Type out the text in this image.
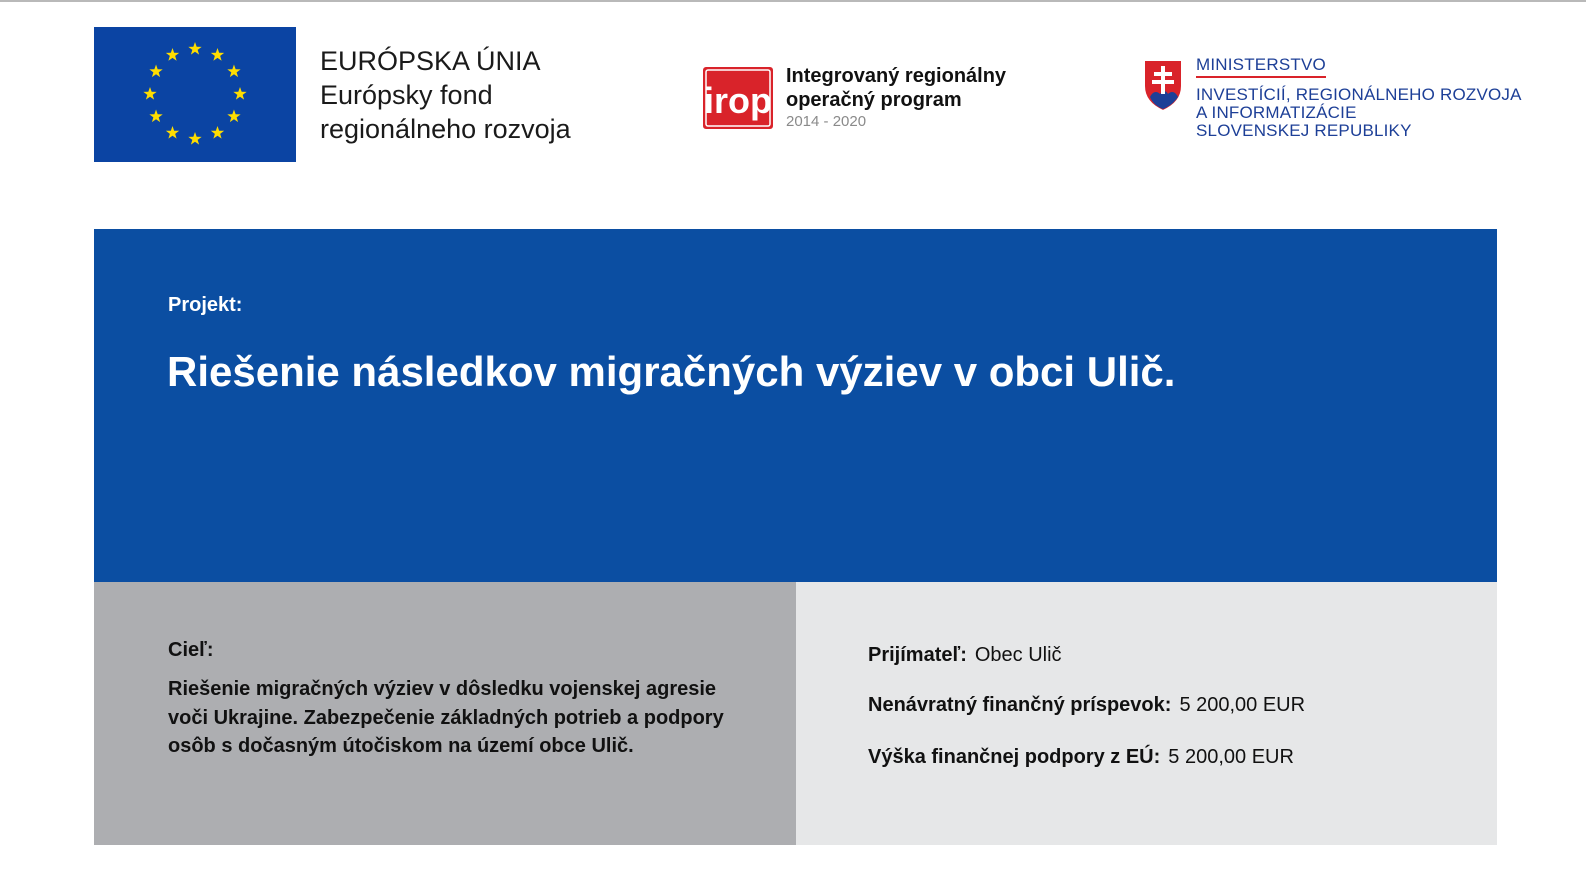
EURÓPSKA ÚNIA
Európsky fond
regionálneho rozvoja
irop
Integrovaný regionálny
operačný program
2014 - 2020
MINISTERSTVO
INVESTÍCIÍ, REGIONÁLNEHO ROZVOJA
A INFORMATIZÁCIE
SLOVENSKEJ REPUBLIKY
Projekt:
Riešenie následkov migračných výziev v obci Ulič.
Cieľ:
Riešenie migračných výziev v dôsledku vojenskej agresie voči Ukrajine. Zabezpečenie základných potrieb a podpory osôb s dočasným útočiskom na území obce Ulič.
Prijímateľ: Obec Ulič
Nenávratný finančný príspevok: 5 200,00 EUR
Výška finančnej podpory z EÚ: 5 200,00 EUR
